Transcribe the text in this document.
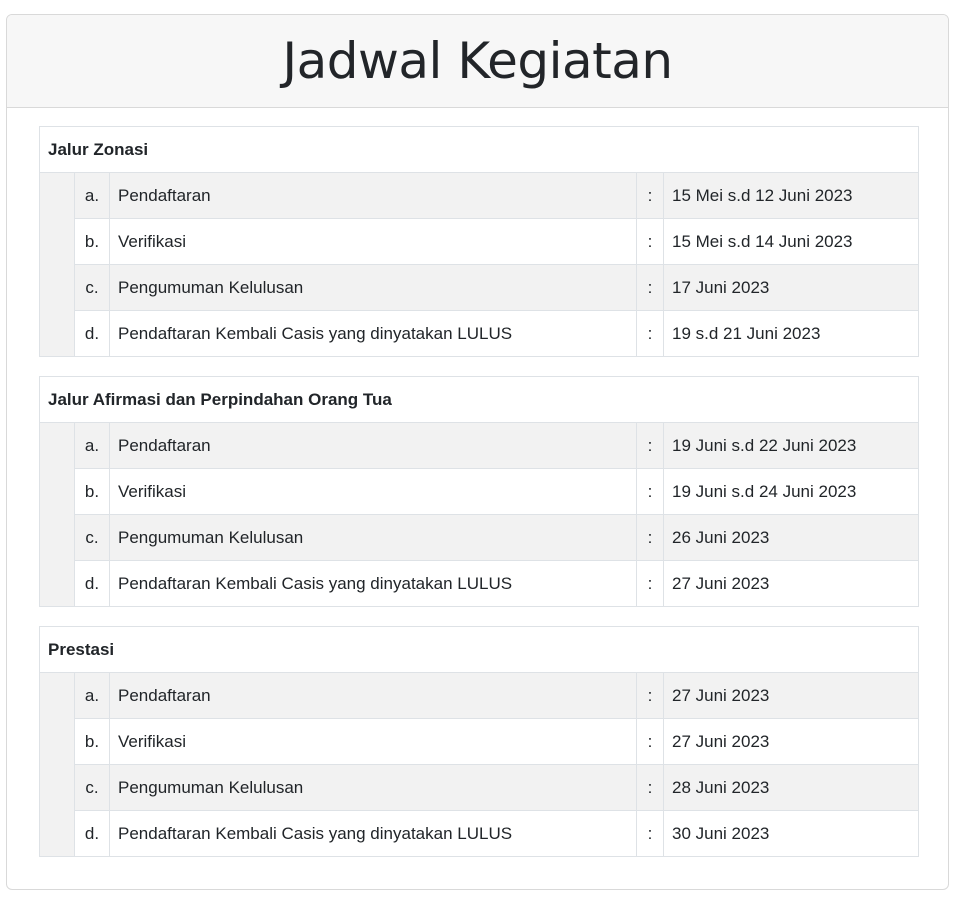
Jadwal Kegiatan
Jalur Zonasi				
	a.	Pendaftaran	:	15 Mei s.d 12 Juni 2023
	b.	Verifikasi	:	15 Mei s.d 14 Juni 2023
	c.	Pengumuman Kelulusan	:	17 Juni 2023
	d.	Pendaftaran Kembali Casis yang dinyatakan LULUS	:	19 s.d 21 Juni 2023
Jalur Afirmasi dan Perpindahan Orang Tua				
	a.	Pendaftaran	:	19 Juni s.d 22 Juni 2023
	b.	Verifikasi	:	19 Juni s.d 24 Juni 2023
	c.	Pengumuman Kelulusan	:	26 Juni 2023
	d.	Pendaftaran Kembali Casis yang dinyatakan LULUS	:	27 Juni 2023
Prestasi				
	a.	Pendaftaran	:	27 Juni 2023
	b.	Verifikasi	:	27 Juni 2023
	c.	Pengumuman Kelulusan	:	28 Juni 2023
	d.	Pendaftaran Kembali Casis yang dinyatakan LULUS	:	30 Juni 2023
